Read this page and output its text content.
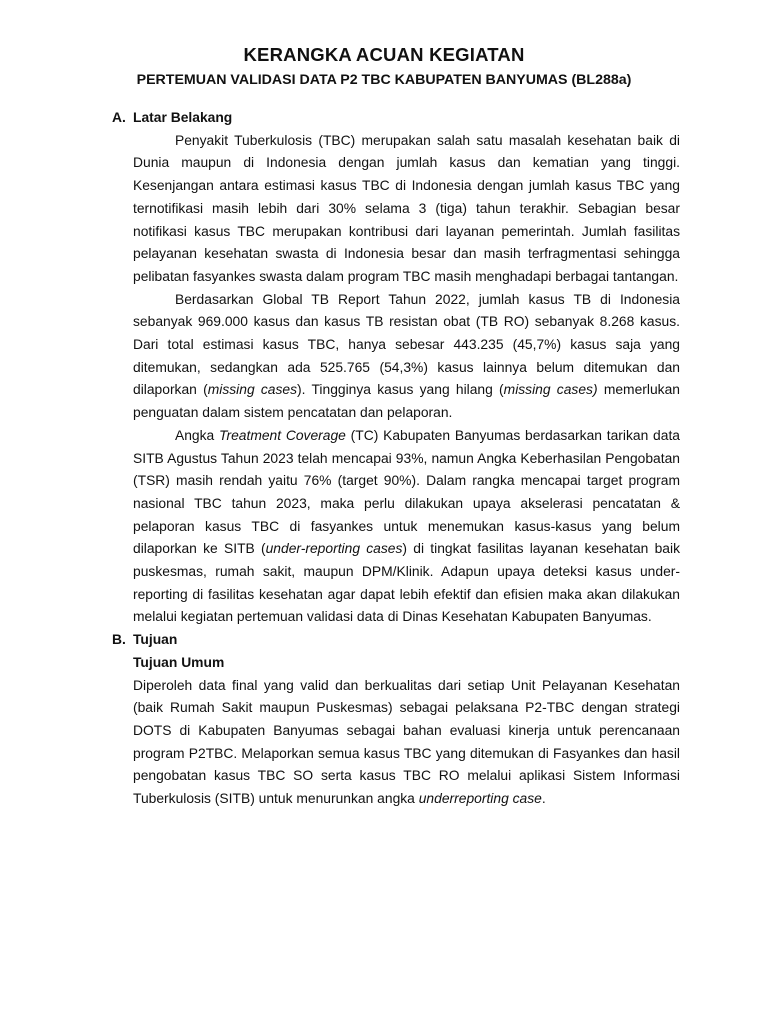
KERANGKA ACUAN KEGIATAN
PERTEMUAN VALIDASI DATA P2 TBC KABUPATEN BANYUMAS (BL288a)
A. Latar Belakang

Penyakit Tuberkulosis (TBC) merupakan salah satu masalah kesehatan baik di Dunia maupun di Indonesia dengan jumlah kasus dan kematian yang tinggi. Kesenjangan antara estimasi kasus TBC di Indonesia dengan jumlah kasus TBC yang ternotifikasi masih lebih dari 30% selama 3 (tiga) tahun terakhir. Sebagian besar notifikasi kasus TBC merupakan kontribusi dari layanan pemerintah. Jumlah fasilitas pelayanan kesehatan swasta di Indonesia besar dan masih terfragmentasi sehingga pelibatan fasyankes swasta dalam program TBC masih menghadapi berbagai tantangan.

Berdasarkan Global TB Report Tahun 2022, jumlah kasus TB di Indonesia sebanyak 969.000 kasus dan kasus TB resistan obat (TB RO) sebanyak 8.268 kasus. Dari total estimasi kasus TBC, hanya sebesar 443.235 (45,7%) kasus saja yang ditemukan, sedangkan ada 525.765 (54,3%) kasus lainnya belum ditemukan dan dilaporkan (missing cases). Tingginya kasus yang hilang (missing cases) memerlukan penguatan dalam sistem pencatatan dan pelaporan.

Angka Treatment Coverage (TC) Kabupaten Banyumas berdasarkan tarikan data SITB Agustus Tahun 2023 telah mencapai 93%, namun Angka Keberhasilan Pengobatan (TSR) masih rendah yaitu 76% (target 90%). Dalam rangka mencapai target program nasional TBC tahun 2023, maka perlu dilakukan upaya akselerasi pencatatan & pelaporan kasus TBC di fasyankes untuk menemukan kasus-kasus yang belum dilaporkan ke SITB (under-reporting cases) di tingkat fasilitas layanan kesehatan baik puskesmas, rumah sakit, maupun DPM/Klinik. Adapun upaya deteksi kasus under-reporting di fasilitas kesehatan agar dapat lebih efektif dan efisien maka akan dilakukan melalui kegiatan pertemuan validasi data di Dinas Kesehatan Kabupaten Banyumas.

B. Tujuan
Tujuan Umum

Diperoleh data final yang valid dan berkualitas dari setiap Unit Pelayanan Kesehatan (baik Rumah Sakit maupun Puskesmas) sebagai pelaksana P2-TBC dengan strategi DOTS di Kabupaten Banyumas sebagai bahan evaluasi kinerja untuk perencanaan program P2TBC. Melaporkan semua kasus TBC yang ditemukan di Fasyankes dan hasil pengobatan kasus TBC SO serta kasus TBC RO melalui aplikasi Sistem Informasi Tuberkulosis (SITB) untuk menurunkan angka underreporting case.
